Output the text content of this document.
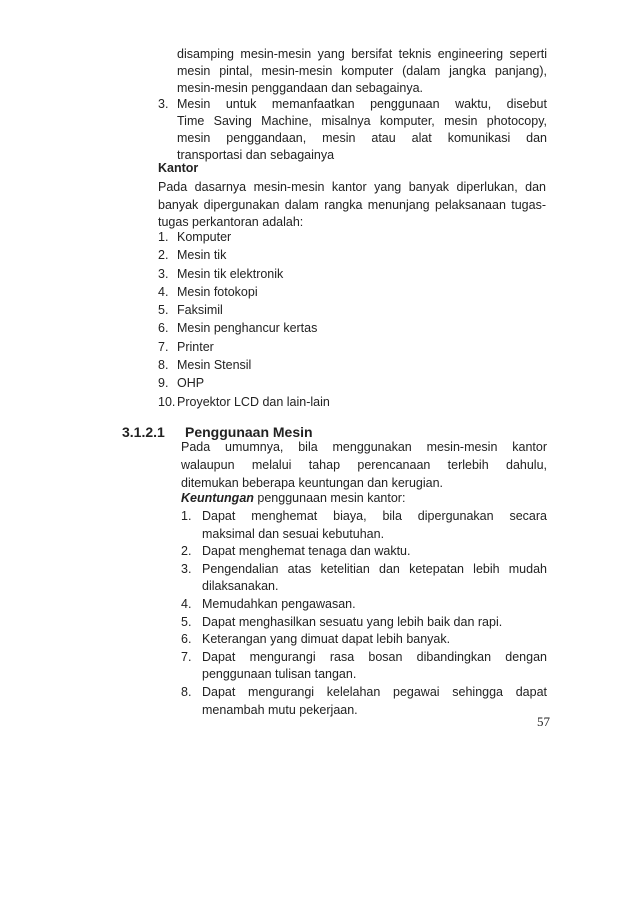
disamping mesin-mesin yang bersifat teknis engineering seperti
mesin pintal, mesin-mesin komputer (dalam jangka panjang),
mesin-mesin penggandaan dan sebagainya.
3. Mesin untuk memanfaatkan penggunaan waktu, disebut
Time Saving Machine, misalnya komputer, mesin photocopy,
mesin penggandaan, mesin atau alat komunikasi dan
transportasi dan sebagainya
Kantor
Pada dasarnya mesin-mesin kantor yang banyak diperlukan, dan
banyak dipergunakan dalam rangka menunjang pelaksanaan tugas-
tugas perkantoran adalah:
1. Komputer
2. Mesin tik
3. Mesin tik elektronik
4. Mesin fotokopi
5. Faksimil
6. Mesin penghancur kertas
7. Printer
8. Mesin Stensil
9. OHP
10. Proyektor LCD dan lain-lain
3.1.2.1 Penggunaan Mesin
Pada umumnya, bila menggunakan mesin-mesin kantor
walaupun melalui tahap perencanaan terlebih dahulu,
ditemukan beberapa keuntungan dan kerugian.
Keuntungan penggunaan mesin kantor:
1. Dapat menghemat biaya, bila dipergunakan secara
maksimal dan sesuai kebutuhan.
2. Dapat menghemat tenaga dan waktu.
3. Pengendalian atas ketelitian dan ketepatan lebih mudah
dilaksanakan.
4. Memudahkan pengawasan.
5. Dapat menghasilkan sesuatu yang lebih baik dan rapi.
6. Keterangan yang dimuat dapat lebih banyak.
7. Dapat mengurangi rasa bosan dibandingkan dengan
penggunaan tulisan tangan.
8. Dapat mengurangi kelelahan pegawai sehingga dapat
menambah mutu pekerjaan.
57
